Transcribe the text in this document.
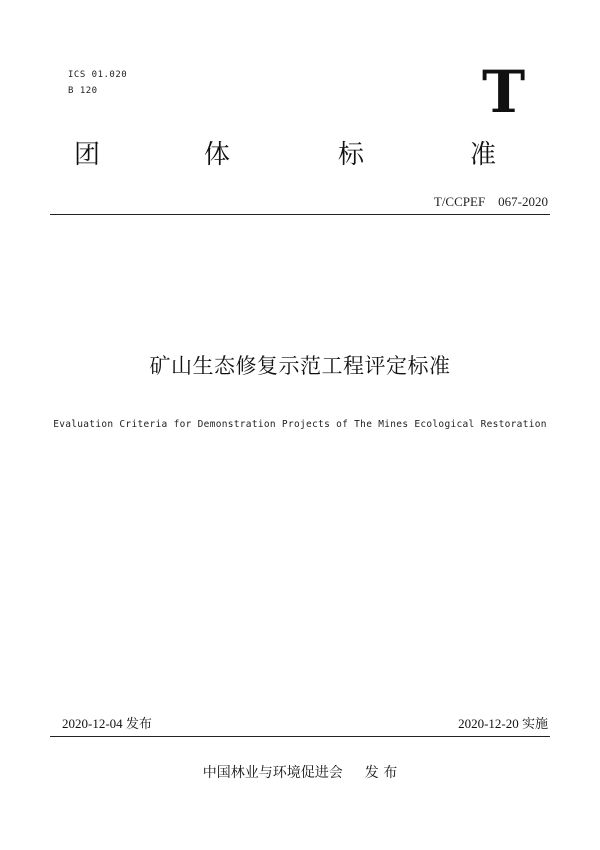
ICS 01.020
B 120	T
团	体	标	准
T/CCPEF　067-2020
矿山生态修复示范工程评定标准
Evaluation Criteria for Demonstration Projects of The Mines Ecological Restoration
2020-12-04 发布	2020-12-20 实施
中国林业与环境促进会 发 布
